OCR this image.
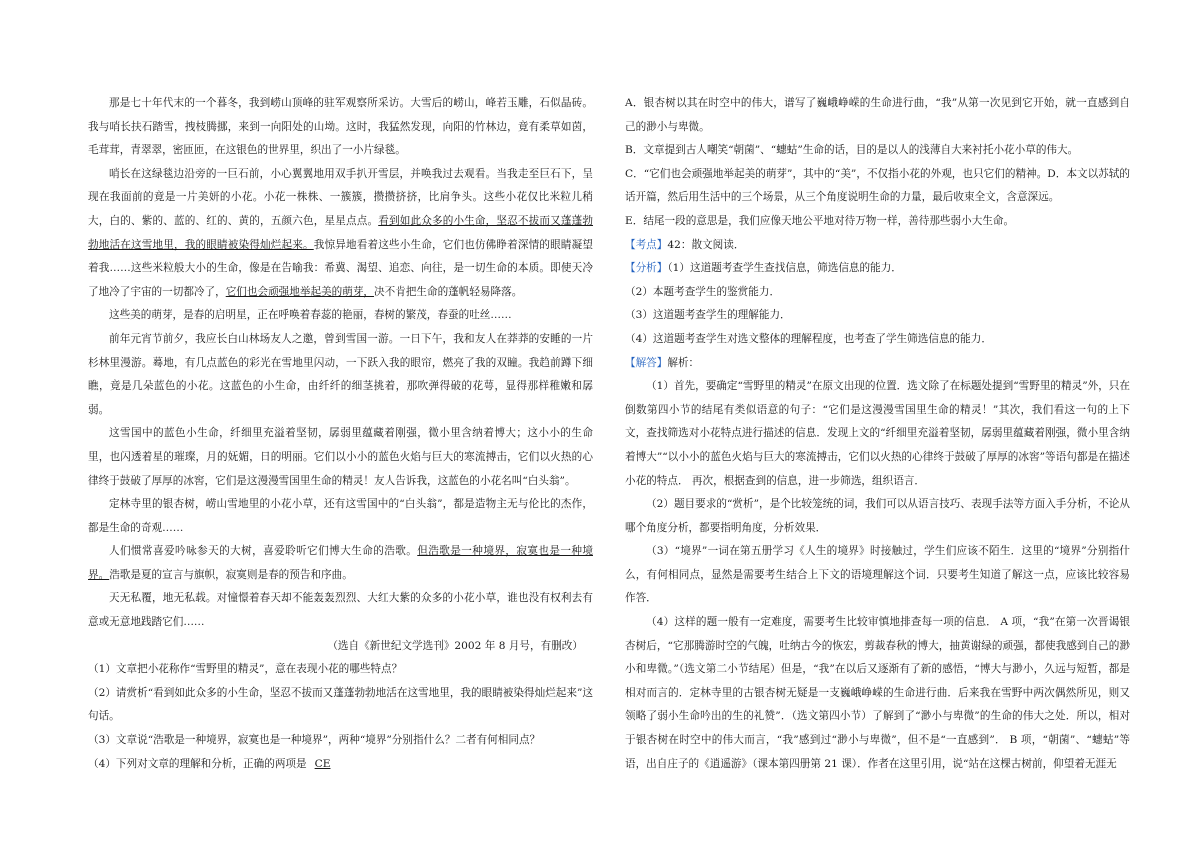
那是七十年代末的一个暮冬，我到崂山顶峰的驻军观察所采访。大雪后的崂山，峰若玉雕，石似晶砖。我与哨长扶石踏雪，拽枝腾挪，来到一向阳处的山坳。这时，我猛然发现，向阳的竹林边，竟有柔草如茵，毛茸茸，青翠翠，密匝匝，在这银色的世界里，织出了一小片绿毯。

哨长在这绿毯边沿旁的一巨石前，小心翼翼地用双手扒开雪层，并唤我过去观看。当我走至巨石下，呈现在我面前的竟是一片美妍的小花。小花一株株、一簇簇，攒攒挤挤，比肩争头。这些小花仅比米粒儿稍大，白的、紫的、蓝的、红的、黄的，五颜六色，星星点点。看到如此众多的小生命，坚忍不拔而又蓬蓬勃勃地活在这雪地里，我的眼睛被染得灿烂起来。我惊异地看着这些小生命，它们也仿佛睁着深情的眼睛凝望着我……这些米粒般大小的生命，像是在告喻我：希冀、渴望、追恋、向往，是一切生命的本质。即使天冷了地冷了宇宙的一切都冷了，它们也会顽强地举起美的萌芽，决不肯把生命的蓬帆轻易降落。

这些美的萌芽，是春的启明星，正在呼唤着春蕊的艳丽，春树的繁茂，春蚕的吐丝……

前年元宵节前夕，我应长白山林场友人之邀，曾到雪国一游。一日下午，我和友人在莽莽的安睡的一片杉林里漫游。蓦地，有几点蓝色的彩光在雪地里闪动，一下跃入我的眼帘，燃亮了我的双瞳。我趋前蹲下细瞧，竟是几朵蓝色的小花。这蓝色的小生命，由纤纤的细茎挑着，那吹弹得破的花萼，显得那样稚嫩和孱弱。

这雪国中的蓝色小生命，纤细里充溢着坚韧，孱弱里蕴藏着刚强，微小里含纳着博大；这小小的生命里，也闪透着星的璀璨，月的妩媚，日的明丽。它们以小小的蓝色火焰与巨大的寒流搏击，它们以火热的心律终于鼓破了厚厚的冰窖，它们是这漫漫雪国里生命的精灵！友人告诉我，这蓝色的小花名叫“白头翁”。

定林寺里的银杏树，崂山雪地里的小花小草，还有这雪国中的“白头翁”，都是造物主无与伦比的杰作，都是生命的奇观……

人们惯常喜爱吟咏参天的大树，喜爱聆听它们博大生命的浩歌。但浩歌是一种境界，寂寞也是一种境界。浩歌是夏的宣言与旗帜，寂寞则是春的预告和序曲。

天无私覆，地无私载。对憧憬着春天却不能轰轰烈烈、大红大紫的众多的小花小草，谁也没有权利去有意或无意地践踏它们……

（选自《新世纪文学选刊》2002 年 8 月号，有删改）

（1）文章把小花称作“雪野里的精灵”，意在表现小花的哪些特点？

（2）请赏析“看到如此众多的小生命，坚忍不拔而又蓬蓬勃勃地活在这雪地里，我的眼睛被染得灿烂起来”这句话。

（3）文章说“浩歌是一种境界，寂寞也是一种境界”，两种“境界”分别指什么？二者有何相同点？

（4）下列对文章的理解和分析，正确的两项是 CE

A．银杏树以其在时空中的伟大，谱写了巍峨峥嵘的生命进行曲，“我”从第一次见到它开始，就一直感到自己的渺小与卑微。

B．文章提到古人嘲笑“朝菌”、“蟪蛄”生命的话，目的是以人的浅薄自大来衬托小花小草的伟大。

C．“它们也会顽强地举起美的萌芽”，其中的“美”，不仅指小花的外观，也只它们的精神。D．本文以苏轼的话开篇，然后用生活中的三个场景，从三个角度说明生命的力量，最后收束全文，含意深远。

E．结尾一段的意思是，我们应像天地公平地对待万物一样，善待那些弱小大生命。

【考点】42：散文阅读．

【分析】（1）这道题考查学生查找信息，筛选信息的能力．

（2）本题考查学生的鉴赏能力．

（3）这道题考查学生的理解能力．

（4）这道题考查学生对选文整体的理解程度，也考查了学生筛选信息的能力．

【解答】解析：

（1）首先，要确定“雪野里的精灵”在原文出现的位置．选文除了在标题处提到“雪野里的精灵”外，只在倒数第四小节的结尾有类似语意的句子：“它们是这漫漫雪国里生命的精灵！”其次，我们看这一句的上下文，查找筛选对小花特点进行描述的信息．发现上文的“纤细里充溢着坚韧，孱弱里蕴藏着刚强，微小里含纳着博大”“以小小的蓝色火焰与巨大的寒流搏击，它们以火热的心律终于鼓破了厚厚的冰窖”等语句都是在描述小花的特点． 再次，根据查到的信息，进一步筛选，组织语言．

（2）题目要求的“赏析”，是个比较笼统的词，我们可以从语言技巧、表现手法等方面入手分析，不论从哪个角度分析，都要指明角度，分析效果．

（3）“境界”一词在第五册学习《人生的境界》时接触过，学生们应该不陌生．这里的“境界”分别指什么，有何相同点，显然是需要考生结合上下文的语境理解这个词．只要考生知道了解这一点，应该比较容易作答．

（4）这样的题一般有一定难度，需要考生比较审慎地排查每一项的信息． A 项，“我”在第一次晋谒银杏树后，“它那腾游时空的气魄，吐纳古今的恢宏，剪裁春秋的博大，抽黄谢绿的顽强，都使我感到自己的渺小和卑微。”（选文第二小节结尾）但是，“我”在以后又逐渐有了新的感悟，“博大与渺小，久远与短暂，都是相对而言的．定林寺里的古银杏树无疑是一支巍峨峥嵘的生命进行曲．后来我在雪野中两次偶然所见，则又领略了弱小生命吟出的生的礼赞”．（选文第四小节）了解到了“渺小与卑微”的生命的伟大之处．所以，相对于银杏树在时空中的伟大而言，“我”感到过“渺小与卑微”，但不是“一直感到”． B 项，“朝菌”、“蟪蛄”等语，出自庄子的《逍遥游》（课本第四册第 21 课）．作者在这里引用，说“站在这棵古树前，仰望着无涯无
